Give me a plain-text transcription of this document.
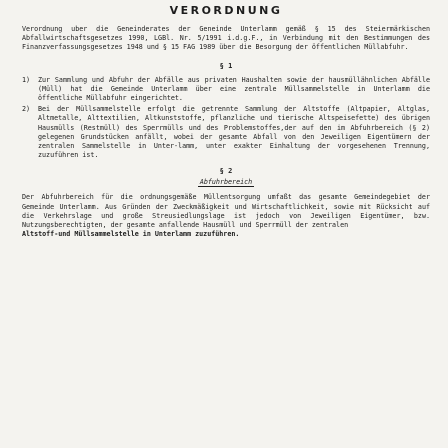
VERORDNUNG

Verordnung uber die Geneinderates der Geneinde Unterlamm gemäß § 15 des Steiermärkischen Abfallwirtschaftsgesetzes 1990, LGBl. Nr. 5/1991 i.d.g.F., in Verbindung mit den Bestimmungen des Finanzverfassungsgesetzes 1948 und § 15 FAG 1989 über die Besorgung der öffentlichen Müllabfuhr.

§ 1
1)	Zur Sammlung und Abfuhr der Abfälle aus privaten Haushalten sowie der hausmüllähnlichen Abfälle (Müll) hat die Gemeinde Unterlamm über eine zentrale Müllsammelstelle in Unterlamm die öffentliche Müllabfuhr eingerichtet.
2)	Bei der Müllsammelstelle erfolgt die getrennte Sammlung der Altstoffe (Altpapier, Altglas, Altmetalle, Alttextilien, Altkunststoffe, pflanzliche und tierische Altspeisefette) des übrigen Hausmülls (Restmüll) des Sperrmülls und des Problemstoffes,der auf den im Abfuhrbereich (§ 2) gelegenen Grundstücken anfällt, wobei der gesamte Abfall von den Jeweiligen Eigentümern der zentralen Sammelstelle in Unter-lamm, unter exakter Einhaltung der vorgesehenen Trennung, zuzuführen ist.
§ 2
Abfuhrbereich

Der Abfuhrbereich für die ordnungsgemäße Müllentsorgung umfaßt das gesamte Gemeindegebiet der Gemeinde Unterlamm. Aus Gründen der Zweckmäßigkeit und Wirtschaftlichkeit, sowie mit Rücksicht auf die Verkehrslage und große Streusiedlungslage ist jedoch von Jeweiligen Eigentümer, bzw. Nutzungsberechtigten, der gesamte anfallende Hausmüll und Sperrmüll der zentralen

Altstoff-und Müllsammelstelle in Unterlamm zuzuführen.
